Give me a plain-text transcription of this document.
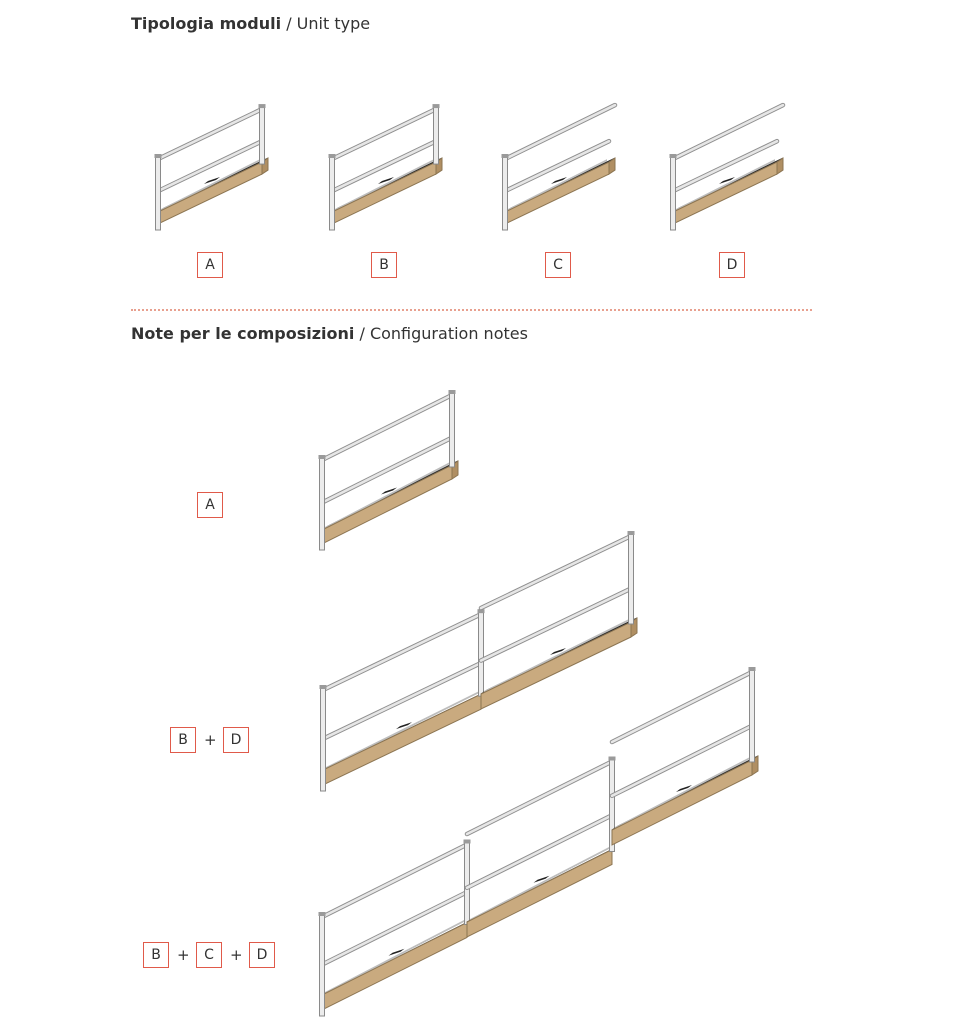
Tipologia moduli / Unit type
A	B	C	D
Note per le composizioni / Configuration notes
A
B	+	D
B	+	C	+	D
